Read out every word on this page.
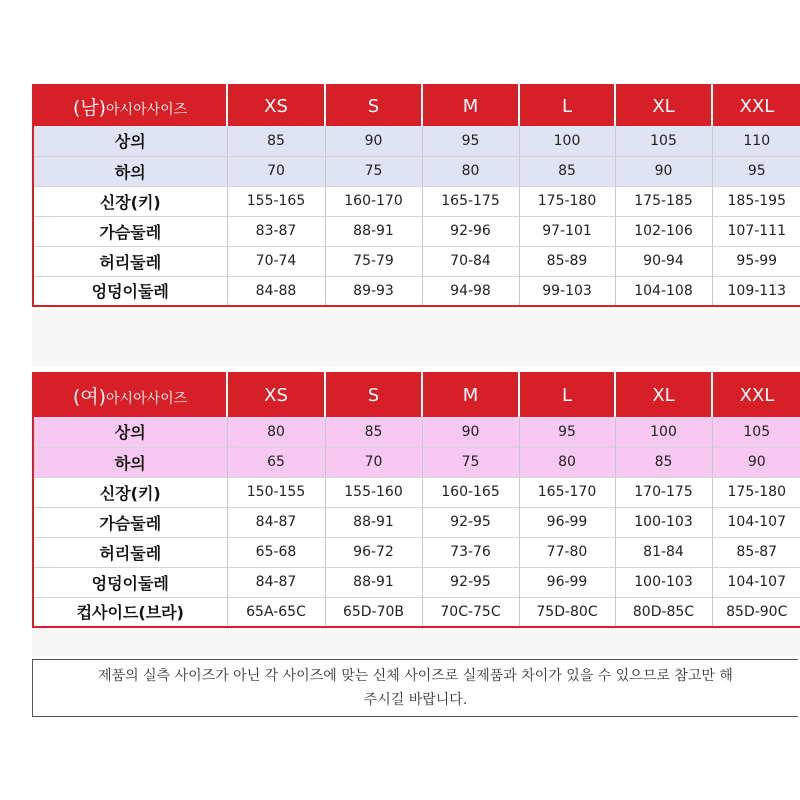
(남)아시아사이즈	XS	S	M	L	XL	XXL
상의	85	90	95	100	105	110
하의	70	75	80	85	90	95
신장(키)	155-165	160-170	165-175	175-180	175-185	185-195
가슴둘레	83-87	88-91	92-96	97-101	102-106	107-111
허리둘레	70-74	75-79	70-84	85-89	90-94	95-99
엉덩이둘레	84-88	89-93	94-98	99-103	104-108	109-113
(여)아시아사이즈	XS	S	M	L	XL	XXL
상의	80	85	90	95	100	105
하의	65	70	75	80	85	90
신장(키)	150-155	155-160	160-165	165-170	170-175	175-180
가슴둘레	84-87	88-91	92-95	96-99	100-103	104-107
허리둘레	65-68	96-72	73-76	77-80	81-84	85-87
엉덩이둘레	84-87	88-91	92-95	96-99	100-103	104-107
컵사이드(브라)	65A-65C	65D-70B	70C-75C	75D-80C	80D-85C	85D-90C
제품의 실측 사이즈가 아닌 각 사이즈에 맞는 신체 사이즈로 실제품과 차이가 있을 수 있으므로 참고만 해
주시길 바랍니다.
